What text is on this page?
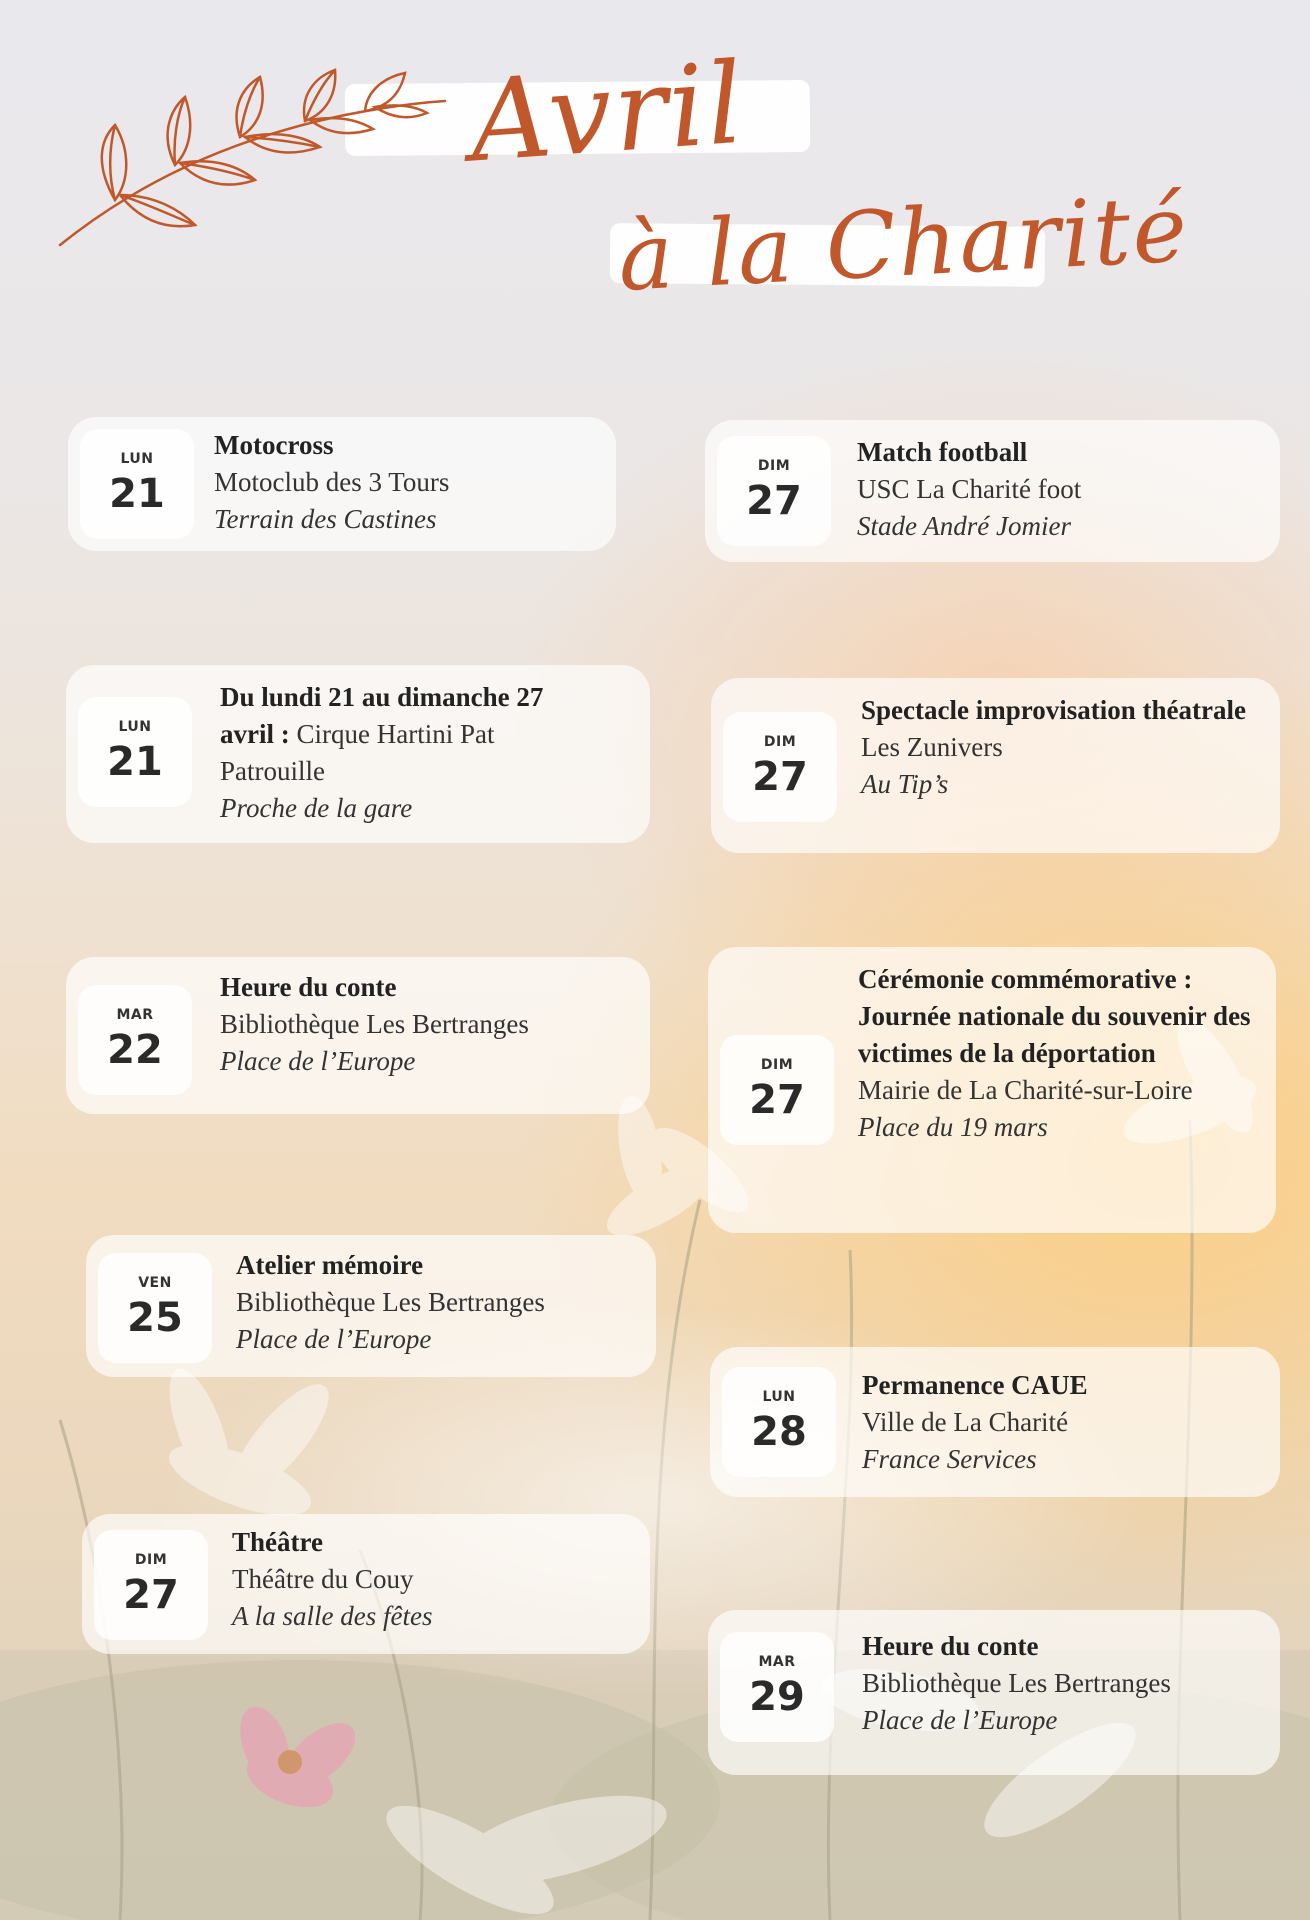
Avril
à la Charité
LUN
21
Motocross
Motoclub des 3 Tours
Terrain des Castines
DIM
27
Match football
USC La Charité foot
Stade André Jomier
LUN
21
Du lundi 21 au dimanche 27
avril : Cirque Hartini Pat
Patrouille
Proche de la gare
DIM
27
Spectacle improvisation théatrale
Les Zunivers
Au Tip’s
MAR
22
Heure du conte
Bibliothèque Les Bertranges
Place de l’Europe	DIM
27
Cérémonie commémorative : Journée nationale du souvenir des victimes de la déportation
Mairie de La Charité-sur-Loire
Place du 19 mars
VEN
25
Atelier mémoire
Bibliothèque Les Bertranges
Place de l’Europe
LUN
28
Permanence CAUE
Ville de La Charité
France Services
DIM
27
Théâtre
Théâtre du Couy
A la salle des fêtes
MAR
29
Heure du conte
Bibliothèque Les Bertranges
Place de l’Europe
